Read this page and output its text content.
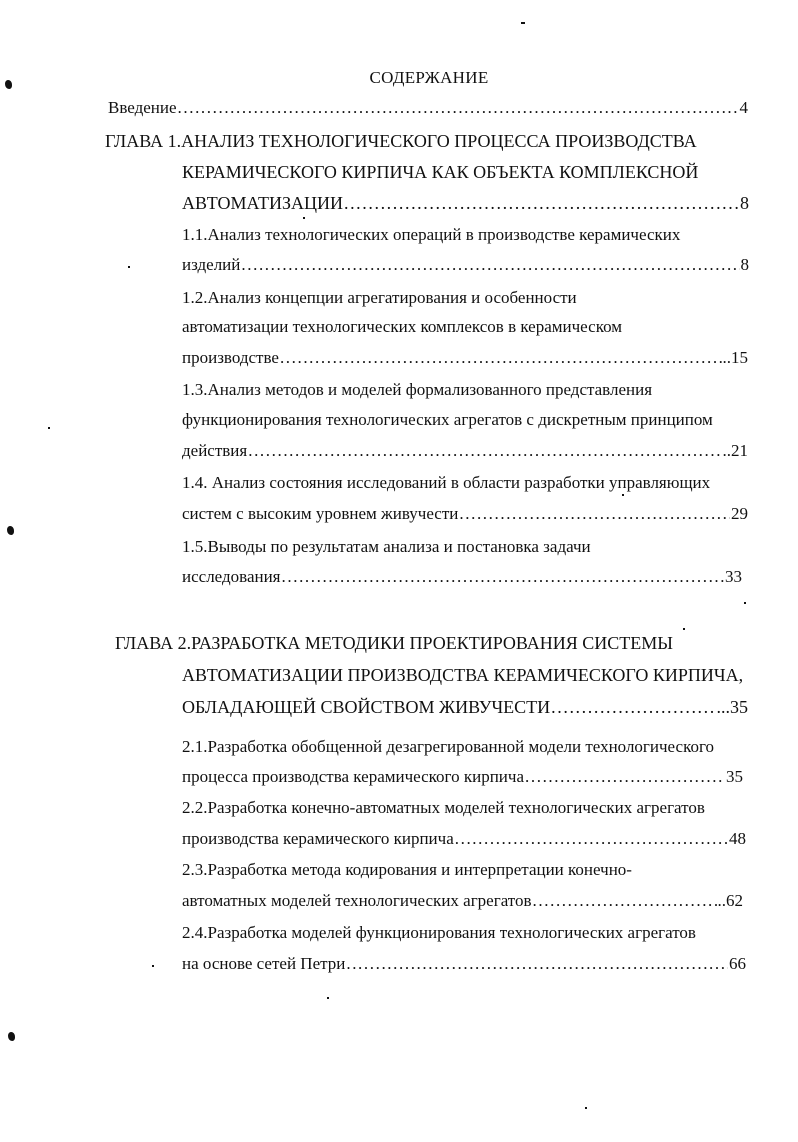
СОДЕРЖАНИЕ
Введение .....	4
ГЛАВА 1.АНАЛИЗ ТЕХНОЛОГИЧЕСКОГО ПРОЦЕССА ПРОИЗВОДСТВА
КЕРАМИЧЕСКОГО КИРПИЧА КАК ОБЪЕКТА КОМПЛЕКСНОЙ
АВТОМАТИЗАЦИИ .....	8
1.1.Анализ технологических операций в производстве керамических
изделий .....	8
1.2.Анализ концепции агрегатирования и особенности
автоматизации технологических комплексов в керамическом
производстве .....	..15
1.3.Анализ методов и моделей формализованного представления
функционирования технологических агрегатов с дискретным принципом
действия .....	..21
1.4. Анализ состояния исследований в области разработки управляющих
систем с высоким уровнем живучести .....	29
1.5.Выводы по результатам анализа и постановка задачи
исследования .....	33
ГЛАВА 2.РАЗРАБОТКА МЕТОДИКИ ПРОЕКТИРОВАНИЯ СИСТЕМЫ
АВТОМАТИЗАЦИИ ПРОИЗВОДСТВА КЕРАМИЧЕСКОГО КИРПИЧА,
ОБЛАДАЮЩЕЙ СВОЙСТВОМ ЖИВУЧЕСТИ .....	...35
2.1.Разработка обобщенной дезагрегированной модели технологического
процесса производства керамического кирпича .....	35
2.2.Разработка конечно-автоматных моделей технологических агрегатов
производства керамического кирпича .....	48
2.3.Разработка метода кодирования и интерпретации конечно-
автоматных моделей технологических агрегатов .....	..62
2.4.Разработка моделей функционирования технологических агрегатов
на основе сетей Петри .....	66
